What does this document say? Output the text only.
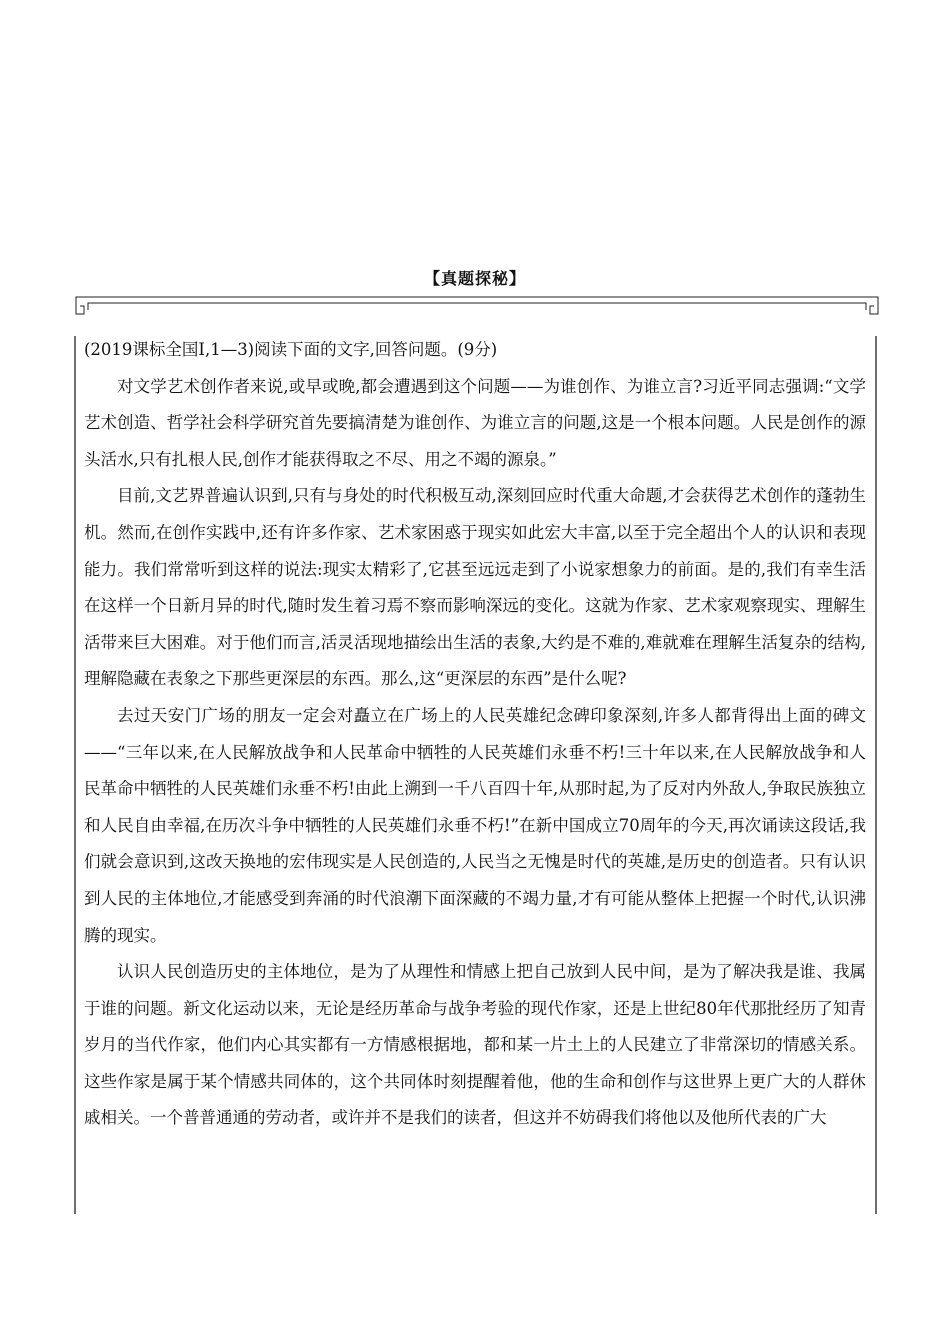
【真题探秘】

(2019课标全国Ⅰ,1—3)阅读下面的文字,回答问题。(9分)

对文学艺术创作者来说,或早或晚,都会遭遇到这个问题——为谁创作、为谁立言?习近平同志强调:“文学艺术创造、哲学社会科学研究首先要搞清楚为谁创作、为谁立言的问题,这是一个根本问题。人民是创作的源头活水,只有扎根人民,创作才能获得取之不尽、用之不竭的源泉。”

目前,文艺界普遍认识到,只有与身处的时代积极互动,深刻回应时代重大命题,才会获得艺术创作的蓬勃生机。然而,在创作实践中,还有许多作家、艺术家困惑于现实如此宏大丰富,以至于完全超出个人的认识和表现能力。我们常常听到这样的说法:现实太精彩了,它甚至远远走到了小说家想象力的前面。是的,我们有幸生活在这样一个日新月异的时代,随时发生着习焉不察而影响深远的变化。这就为作家、艺术家观察现实、理解生活带来巨大困难。对于他们而言,活灵活现地描绘出生活的表象,大约是不难的,难就难在理解生活复杂的结构,理解隐藏在表象之下那些更深层的东西。那么,这“更深层的东西”是什么呢?

去过天安门广场的朋友一定会对矗立在广场上的人民英雄纪念碑印象深刻,许多人都背得出上面的碑文——“三年以来,在人民解放战争和人民革命中牺牲的人民英雄们永垂不朽!三十年以来,在人民解放战争和人民革命中牺牲的人民英雄们永垂不朽!由此上溯到一千八百四十年,从那时起,为了反对内外敌人,争取民族独立和人民自由幸福,在历次斗争中牺牲的人民英雄们永垂不朽!”在新中国成立70周年的今天,再次诵读这段话,我们就会意识到,这改天换地的宏伟现实是人民创造的,人民当之无愧是时代的英雄,是历史的创造者。只有认识到人民的主体地位,才能感受到奔涌的时代浪潮下面深藏的不竭力量,才有可能从整体上把握一个时代,认识沸腾的现实。

认识人民创造历史的主体地位，是为了从理性和情感上把自己放到人民中间，是为了解决我是谁、我属于谁的问题。新文化运动以来，无论是经历革命与战争考验的现代作家，还是上世纪80年代那批经历了知青岁月的当代作家，他们内心其实都有一方情感根据地，都和某一片土上的人民建立了非常深切的情感关系。这些作家是属于某个情感共同体的，这个共同体时刻提醒着他，他的生命和创作与这世界上更广大的人群休戚相关。一个普普通通的劳动者，或许并不是我们的读者，但这并不妨碍我们将他以及他所代表的广大
